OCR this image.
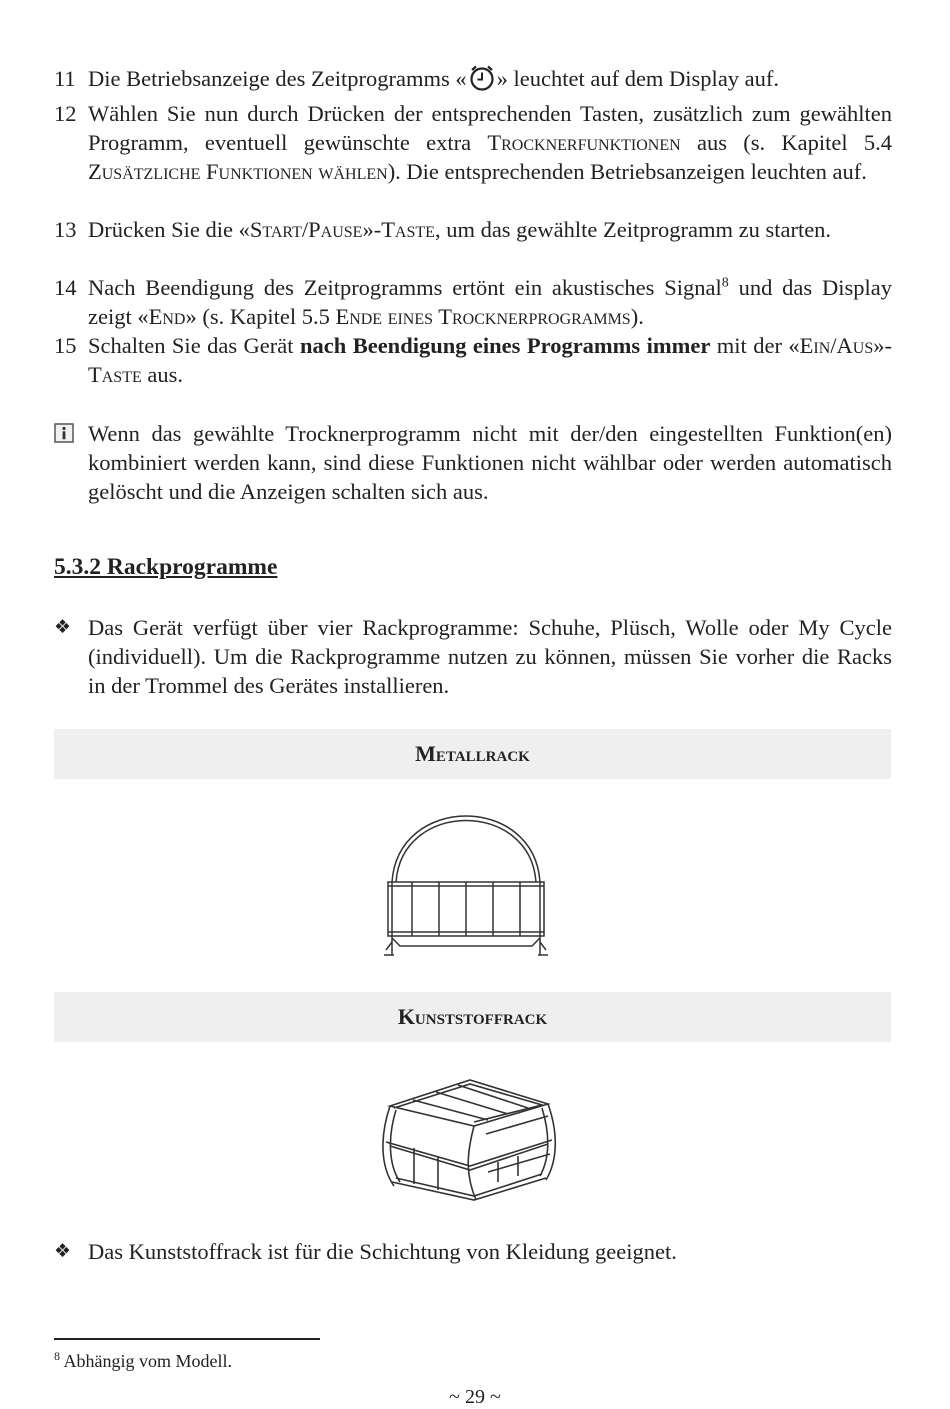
11 Die Betriebsanzeige des Zeitprogramms « » leuchtet auf dem Display auf.
12 Wählen Sie nun durch Drücken der entsprechenden Tasten, zusätzlich zum gewählten Programm, eventuell gewünschte extra Trocknerfunktionen aus (s. Kapitel 5.4 Zusätzliche Funktionen wählen). Die entsprechenden Betriebsanzeigen leuchten auf.
13 Drücken Sie die «Start/Pause»-Taste, um das gewählte Zeitprogramm zu starten.
14 Nach Beendigung des Zeitprogramms ertönt ein akustisches Signal$^8$ und das Display zeigt «End» (s. Kapitel 5.5 Ende eines Trocknerprogramms).
15 Schalten Sie das Gerät nach Beendigung eines Programms immer mit der «Ein/Aus»-Taste aus.
Wenn das gewählte Trocknerprogramm nicht mit der/den eingestellten Funktion(en) kombiniert werden kann, sind diese Funktionen nicht wählbar oder werden automatisch gelöscht und die Anzeigen schalten sich aus.
5.3.2 Rackprogramme
❖ Das Gerät verfügt über vier Rackprogramme: Schuhe, Plüsch, Wolle oder My Cycle (individuell). Um die Rackprogramme nutzen zu können, müssen Sie vorher die Racks in der Trommel des Gerätes installieren.
Metallrack
Kunststoffrack
❖ Das Kunststoffrack ist für die Schichtung von Kleidung geeignet.
$^8$ Abhängig vom Modell.
~ 29 ~
